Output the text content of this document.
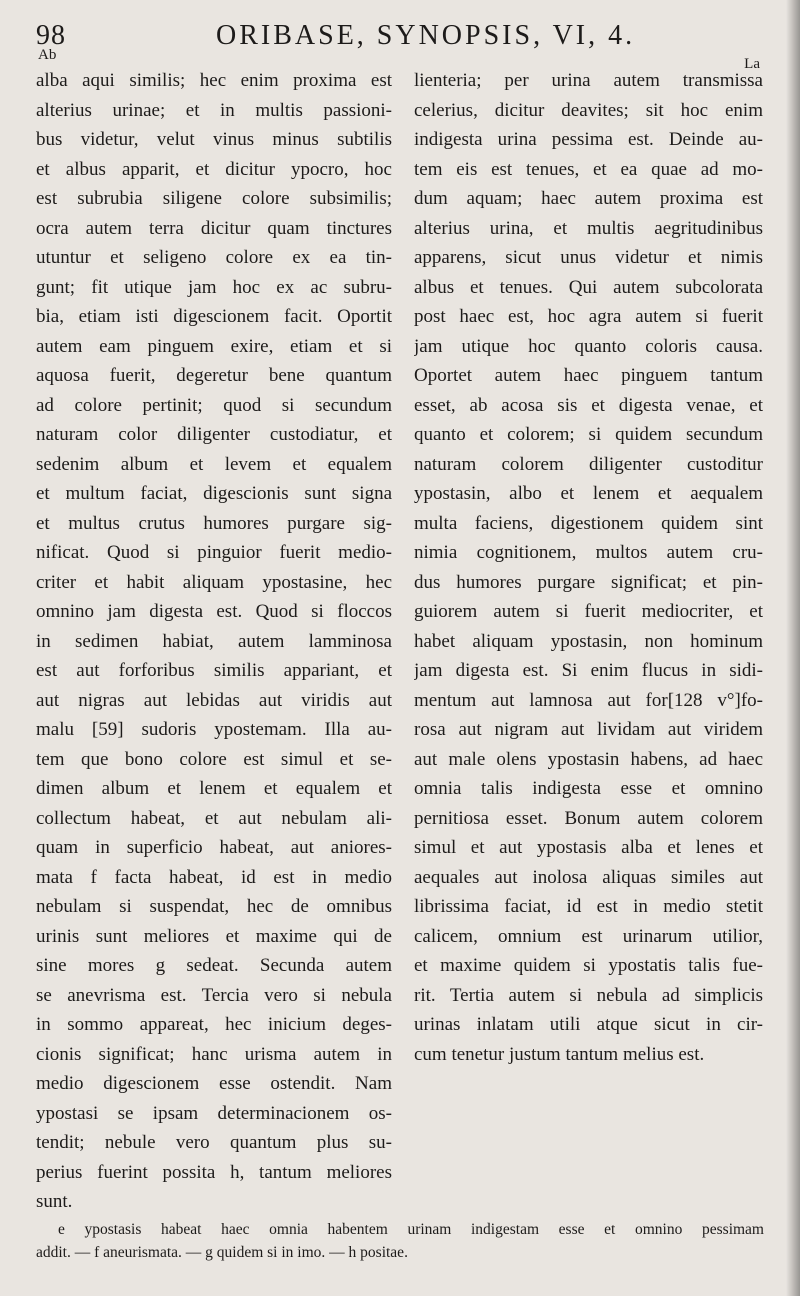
98	ORIBASE, SYNOPSIS, VI, 4.
Ab
La
alba aqui similis; hec enim proxima est
alterius urinae; et in multis passioni-
bus videtur, velut vinus minus subtilis
et albus apparit, et dicitur ypocro, hoc
est subrubia siligene colore subsimilis;
ocra autem terra dicitur quam tinctures
utuntur et seligeno colore ex ea tin-
gunt; fit utique jam hoc ex ac subru-
bia, etiam isti digescionem facit. Oportit
autem eam pinguem exire, etiam et si
aquosa fuerit, degeretur bene quantum
ad colore pertinit; quod si secundum
naturam color diligenter custodiatur, et
sedenim album et levem et equalem
et multum faciat, digescionis sunt signa
et multus crutus humores purgare sig-
nificat. Quod si pinguior fuerit medio-
criter et habit aliquam ypostasine, hec
omnino jam digesta est. Quod si floccos
in sedimen habiat, autem lamminosa
est aut forforibus similis appariant, et
aut nigras aut lebidas aut viridis aut
malu [59] sudoris ypostemam. Illa au-
tem que bono colore est simul et se-
dimen album et lenem et equalem et
collectum habeat, et aut nebulam ali-
quam in superficio habeat, aut aniores-
mata f facta habeat, id est in medio
nebulam si suspendat, hec de omnibus
urinis sunt meliores et maxime qui de
sine mores g sedeat. Secunda autem
se anevrisma est. Tercia vero si nebula
in sommo appareat, hec inicium deges-
cionis significat; hanc urisma autem in
medio digescionem esse ostendit. Nam
ypostasi se ipsam determinacionem os-
tendit; nebule vero quantum plus su-
perius fuerint possita h, tantum meliores
sunt.
lienteria; per urina autem transmissa
celerius, dicitur deavites; sit hoc enim
indigesta urina pessima est. Deinde au-
tem eis est tenues, et ea quae ad mo-
dum aquam; haec autem proxima est
alterius urina, et multis aegritudinibus
apparens, sicut unus videtur et nimis
albus et tenues. Qui autem subcolorata
post haec est, hoc agra autem si fuerit
jam utique hoc quanto coloris causa.
Oportet autem haec pinguem tantum
esset, ab acosa sis et digesta venae, et
quanto et colorem; si quidem secundum
naturam colorem diligenter custoditur
ypostasin, albo et lenem et aequalem
multa faciens, digestionem quidem sint
nimia cognitionem, multos autem cru-
dus humores purgare significat; et pin-
guiorem autem si fuerit mediocriter, et
habet aliquam ypostasin, non hominum
jam digesta est. Si enim flucus in sidi-
mentum aut lamnosa aut for[128 v°]fo-
rosa aut nigram aut lividam aut viridem
aut male olens ypostasin habens, ad haec
omnia talis indigesta esse et omnino
pernitiosa esset. Bonum autem colorem
simul et aut ypostasis alba et lenes et
aequales aut inolosa aliquas similes aut
librissima faciat, id est in medio stetit
calicem, omnium est urinarum utilior,
et maxime quidem si ypostatis talis fue-
rit. Tertia autem si nebula ad simplicis
urinas inlatam utili atque sicut in cir-
cum tenetur justum tantum melius est.
e ypostasis habeat haec omnia habentem urinam indigestam esse et omnino pessimam
addit. — f aneurismata. — g quidem si in imo. — h positae.
